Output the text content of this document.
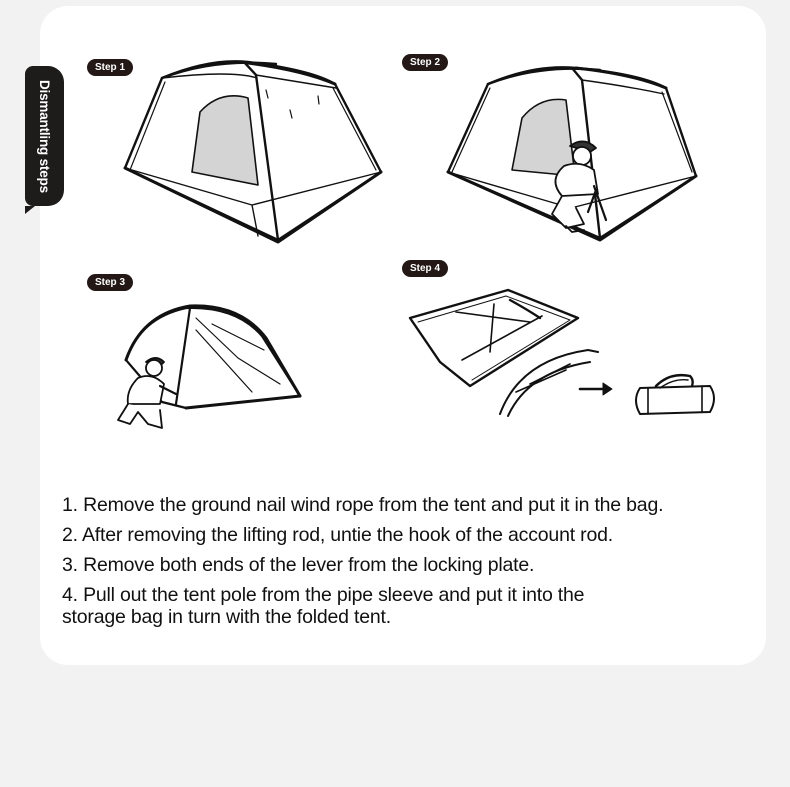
Dismantling steps
Step 1	Step 2
Step 3
Step 4

1. Remove the ground nail wind rope from the tent and put it in the bag.

2. After removing the lifting rod, untie the hook of the account rod.

3. Remove both ends of the lever from the locking plate.

4. Pull out the tent pole from the pipe sleeve and put it into the storage bag in turn with the folded tent.
